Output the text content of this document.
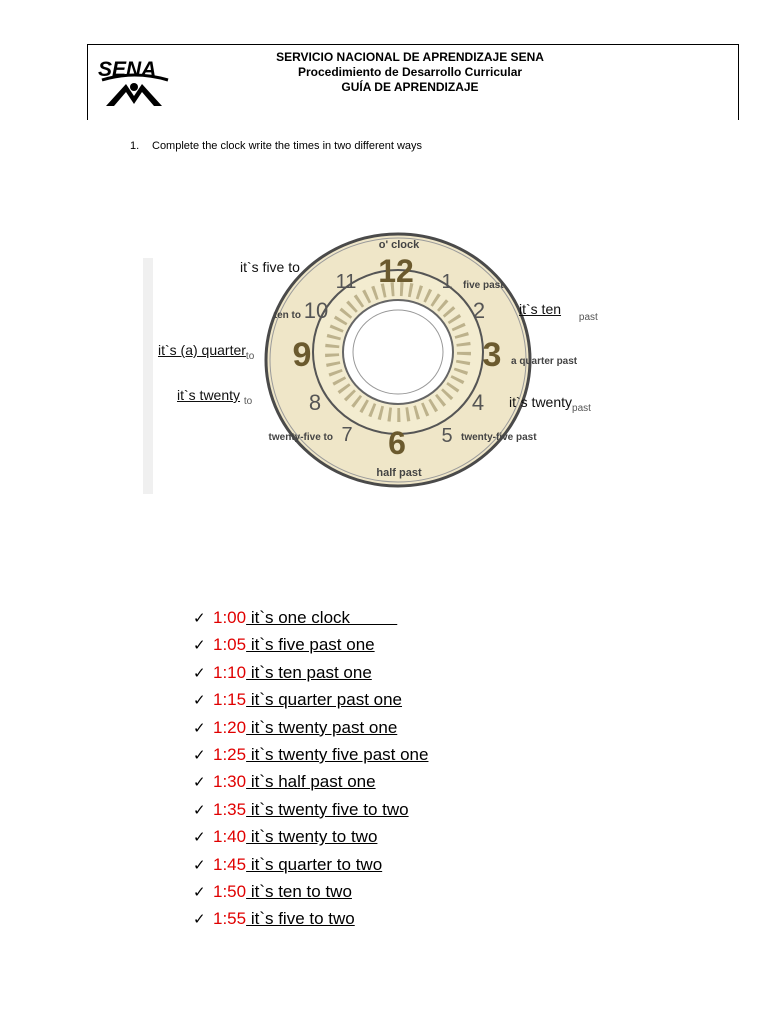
SENA
SERVICIO NACIONAL DE APRENDIZAJE SENA
Procedimiento de Desarrollo Curricular
GUÍA DE APRENDIZAJE
1. Complete the clock write the times in two different ways
12 1
2
3
4
5
6
7
8
9
10
11
o' clock
five past
a quarter past
twenty-five past
half past
twenty-five to
ten to
it`s five to
it`s ten $_{past}$
it`s (a) quarter$_{to}$
it`s twenty $_{to}$	it`s twenty$_{past}$
✓ 1:00 it`s one clock
✓ 1:05 it`s five past one
✓ 1:10 it`s ten past one
✓ 1:15 it`s quarter past one
✓ 1:20 it`s twenty past one
✓ 1:25 it`s twenty five past one
✓ 1:30 it`s half past one
✓ 1:35 it`s twenty five to two
✓ 1:40 it`s twenty to two
✓ 1:45 it`s quarter to two
✓ 1:50 it`s ten to two
✓ 1:55 it`s five to two
